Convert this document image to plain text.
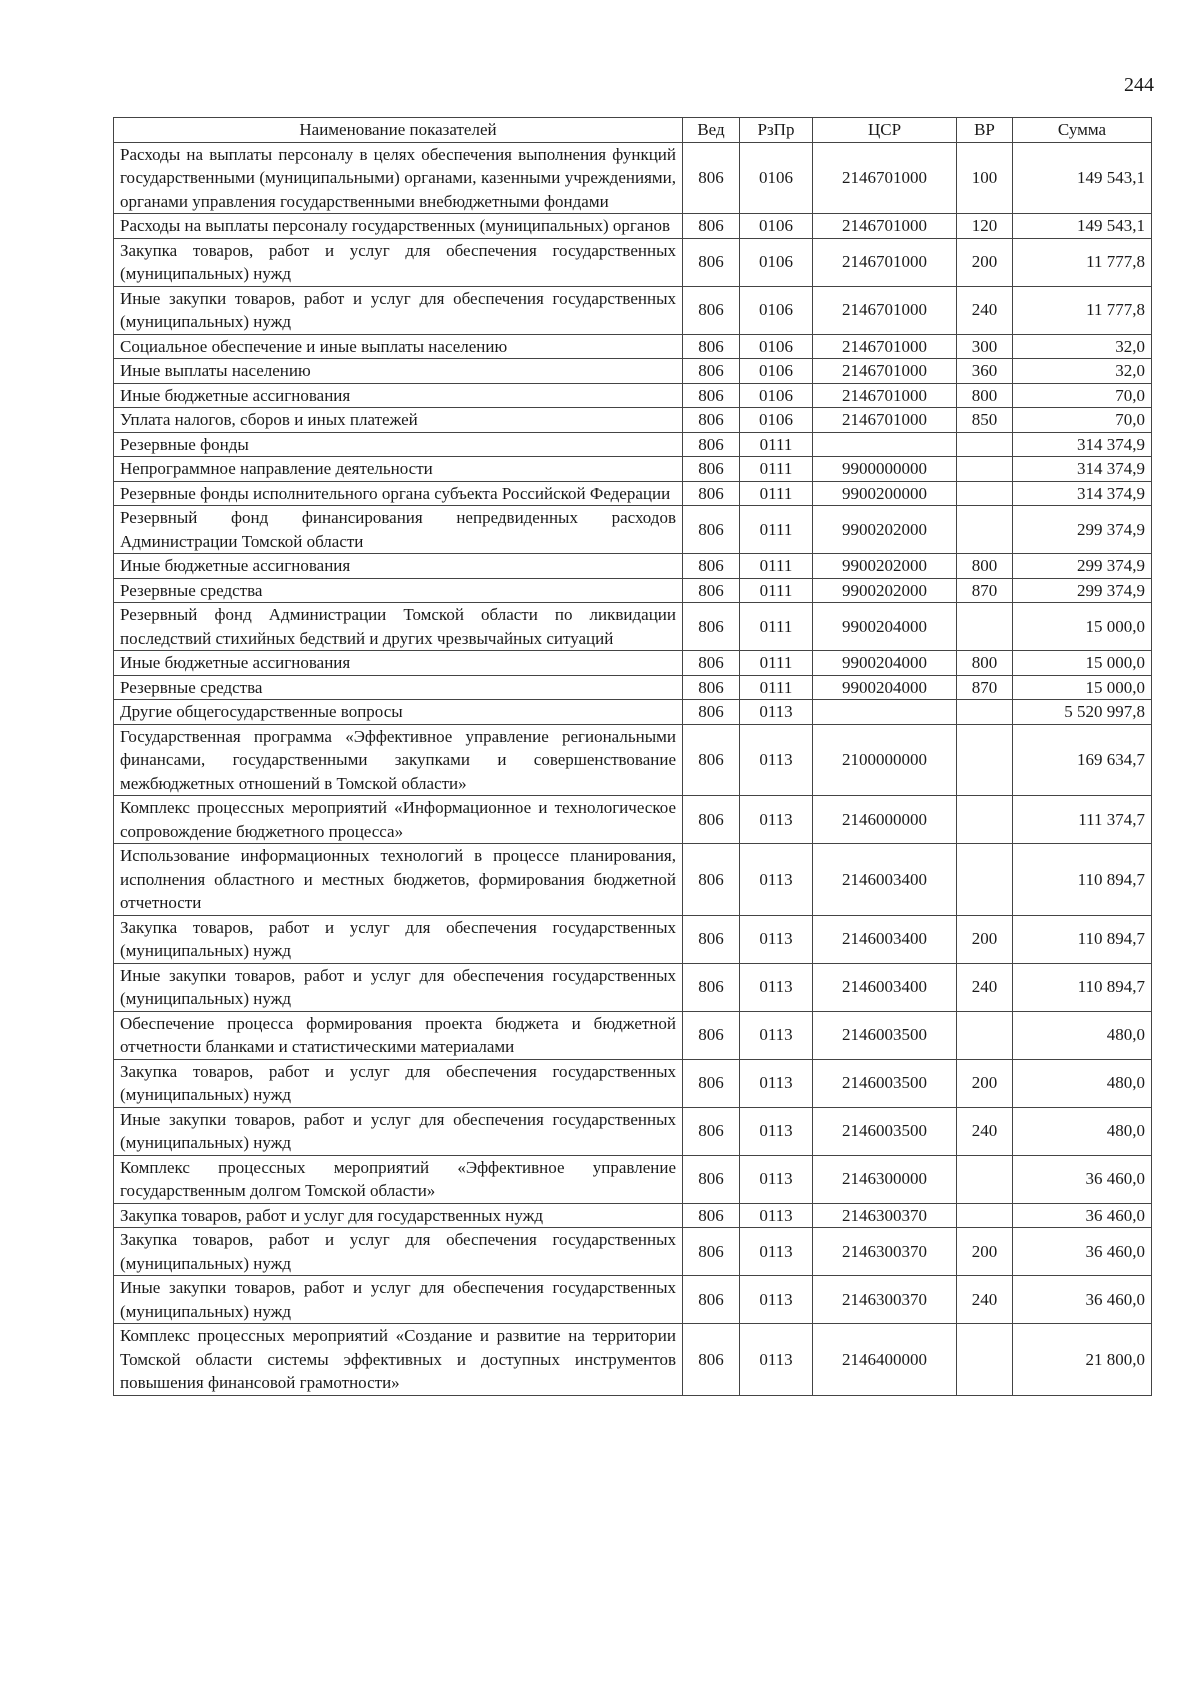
244
Наименование показателей	Вед	РзПр	ЦСР	ВР	Сумма
Расходы на выплаты персоналу в целях обеспечения выполнения функций государственными (муниципальными) органами, казенными учреждениями, органами управления государственными внебюджетными фондами	806	0106	2146701000	100	149 543,1
Расходы на выплаты персоналу государственных (муниципальных) органов	806	0106	2146701000	120	149 543,1
Закупка товаров, работ и услуг для обеспечения государственных (муниципальных) нужд	806	0106	2146701000	200	11 777,8
Иные закупки товаров, работ и услуг для обеспечения государственных (муниципальных) нужд	806	0106	2146701000	240	11 777,8
Социальное обеспечение и иные выплаты населению	806	0106	2146701000	300	32,0
Иные выплаты населению	806	0106	2146701000	360	32,0
Иные бюджетные ассигнования	806	0106	2146701000	800	70,0
Уплата налогов, сборов и иных платежей	806	0106	2146701000	850	70,0
Резервные фонды	806	0111			314 374,9
Непрограммное направление деятельности	806	0111	9900000000		314 374,9
Резервные фонды исполнительного органа субъекта Российской Федерации	806	0111	9900200000		314 374,9
Резервный фонд финансирования непредвиденных расходов Администрации Томской области	806	0111	9900202000		299 374,9
Иные бюджетные ассигнования	806	0111	9900202000	800	299 374,9
Резервные средства	806	0111	9900202000	870	299 374,9
Резервный фонд Администрации Томской области по ликвидации последствий стихийных бедствий и других чрезвычайных ситуаций	806	0111	9900204000		15 000,0
Иные бюджетные ассигнования	806	0111	9900204000	800	15 000,0
Резервные средства	806	0111	9900204000	870	15 000,0
Другие общегосударственные вопросы	806	0113			5 520 997,8
Государственная программа «Эффективное управление региональными финансами, государственными закупками и совершенствование межбюджетных отношений в Томской области»	806	0113	2100000000		169 634,7
Комплекс процессных мероприятий «Информационное и технологическое сопровождение бюджетного процесса»	806	0113	2146000000		111 374,7
Использование информационных технологий в процессе планирования, исполнения областного и местных бюджетов, формирования бюджетной отчетности	806	0113	2146003400		110 894,7
Закупка товаров, работ и услуг для обеспечения государственных (муниципальных) нужд	806	0113	2146003400	200	110 894,7
Иные закупки товаров, работ и услуг для обеспечения государственных (муниципальных) нужд	806	0113	2146003400	240	110 894,7
Обеспечение процесса формирования проекта бюджета и бюджетной отчетности бланками и статистическими материалами	806	0113	2146003500		480,0
Закупка товаров, работ и услуг для обеспечения государственных (муниципальных) нужд	806	0113	2146003500	200	480,0
Иные закупки товаров, работ и услуг для обеспечения государственных (муниципальных) нужд	806	0113	2146003500	240	480,0
Комплекс процессных мероприятий «Эффективное управление государственным долгом Томской области»	806	0113	2146300000		36 460,0
Закупка товаров, работ и услуг для государственных нужд	806	0113	2146300370		36 460,0
Закупка товаров, работ и услуг для обеспечения государственных (муниципальных) нужд	806	0113	2146300370	200	36 460,0
Иные закупки товаров, работ и услуг для обеспечения государственных (муниципальных) нужд	806	0113	2146300370	240	36 460,0
Комплекс процессных мероприятий «Создание и развитие на территории Томской области системы эффективных и доступных инструментов повышения финансовой грамотности»	806	0113	2146400000		21 800,0
